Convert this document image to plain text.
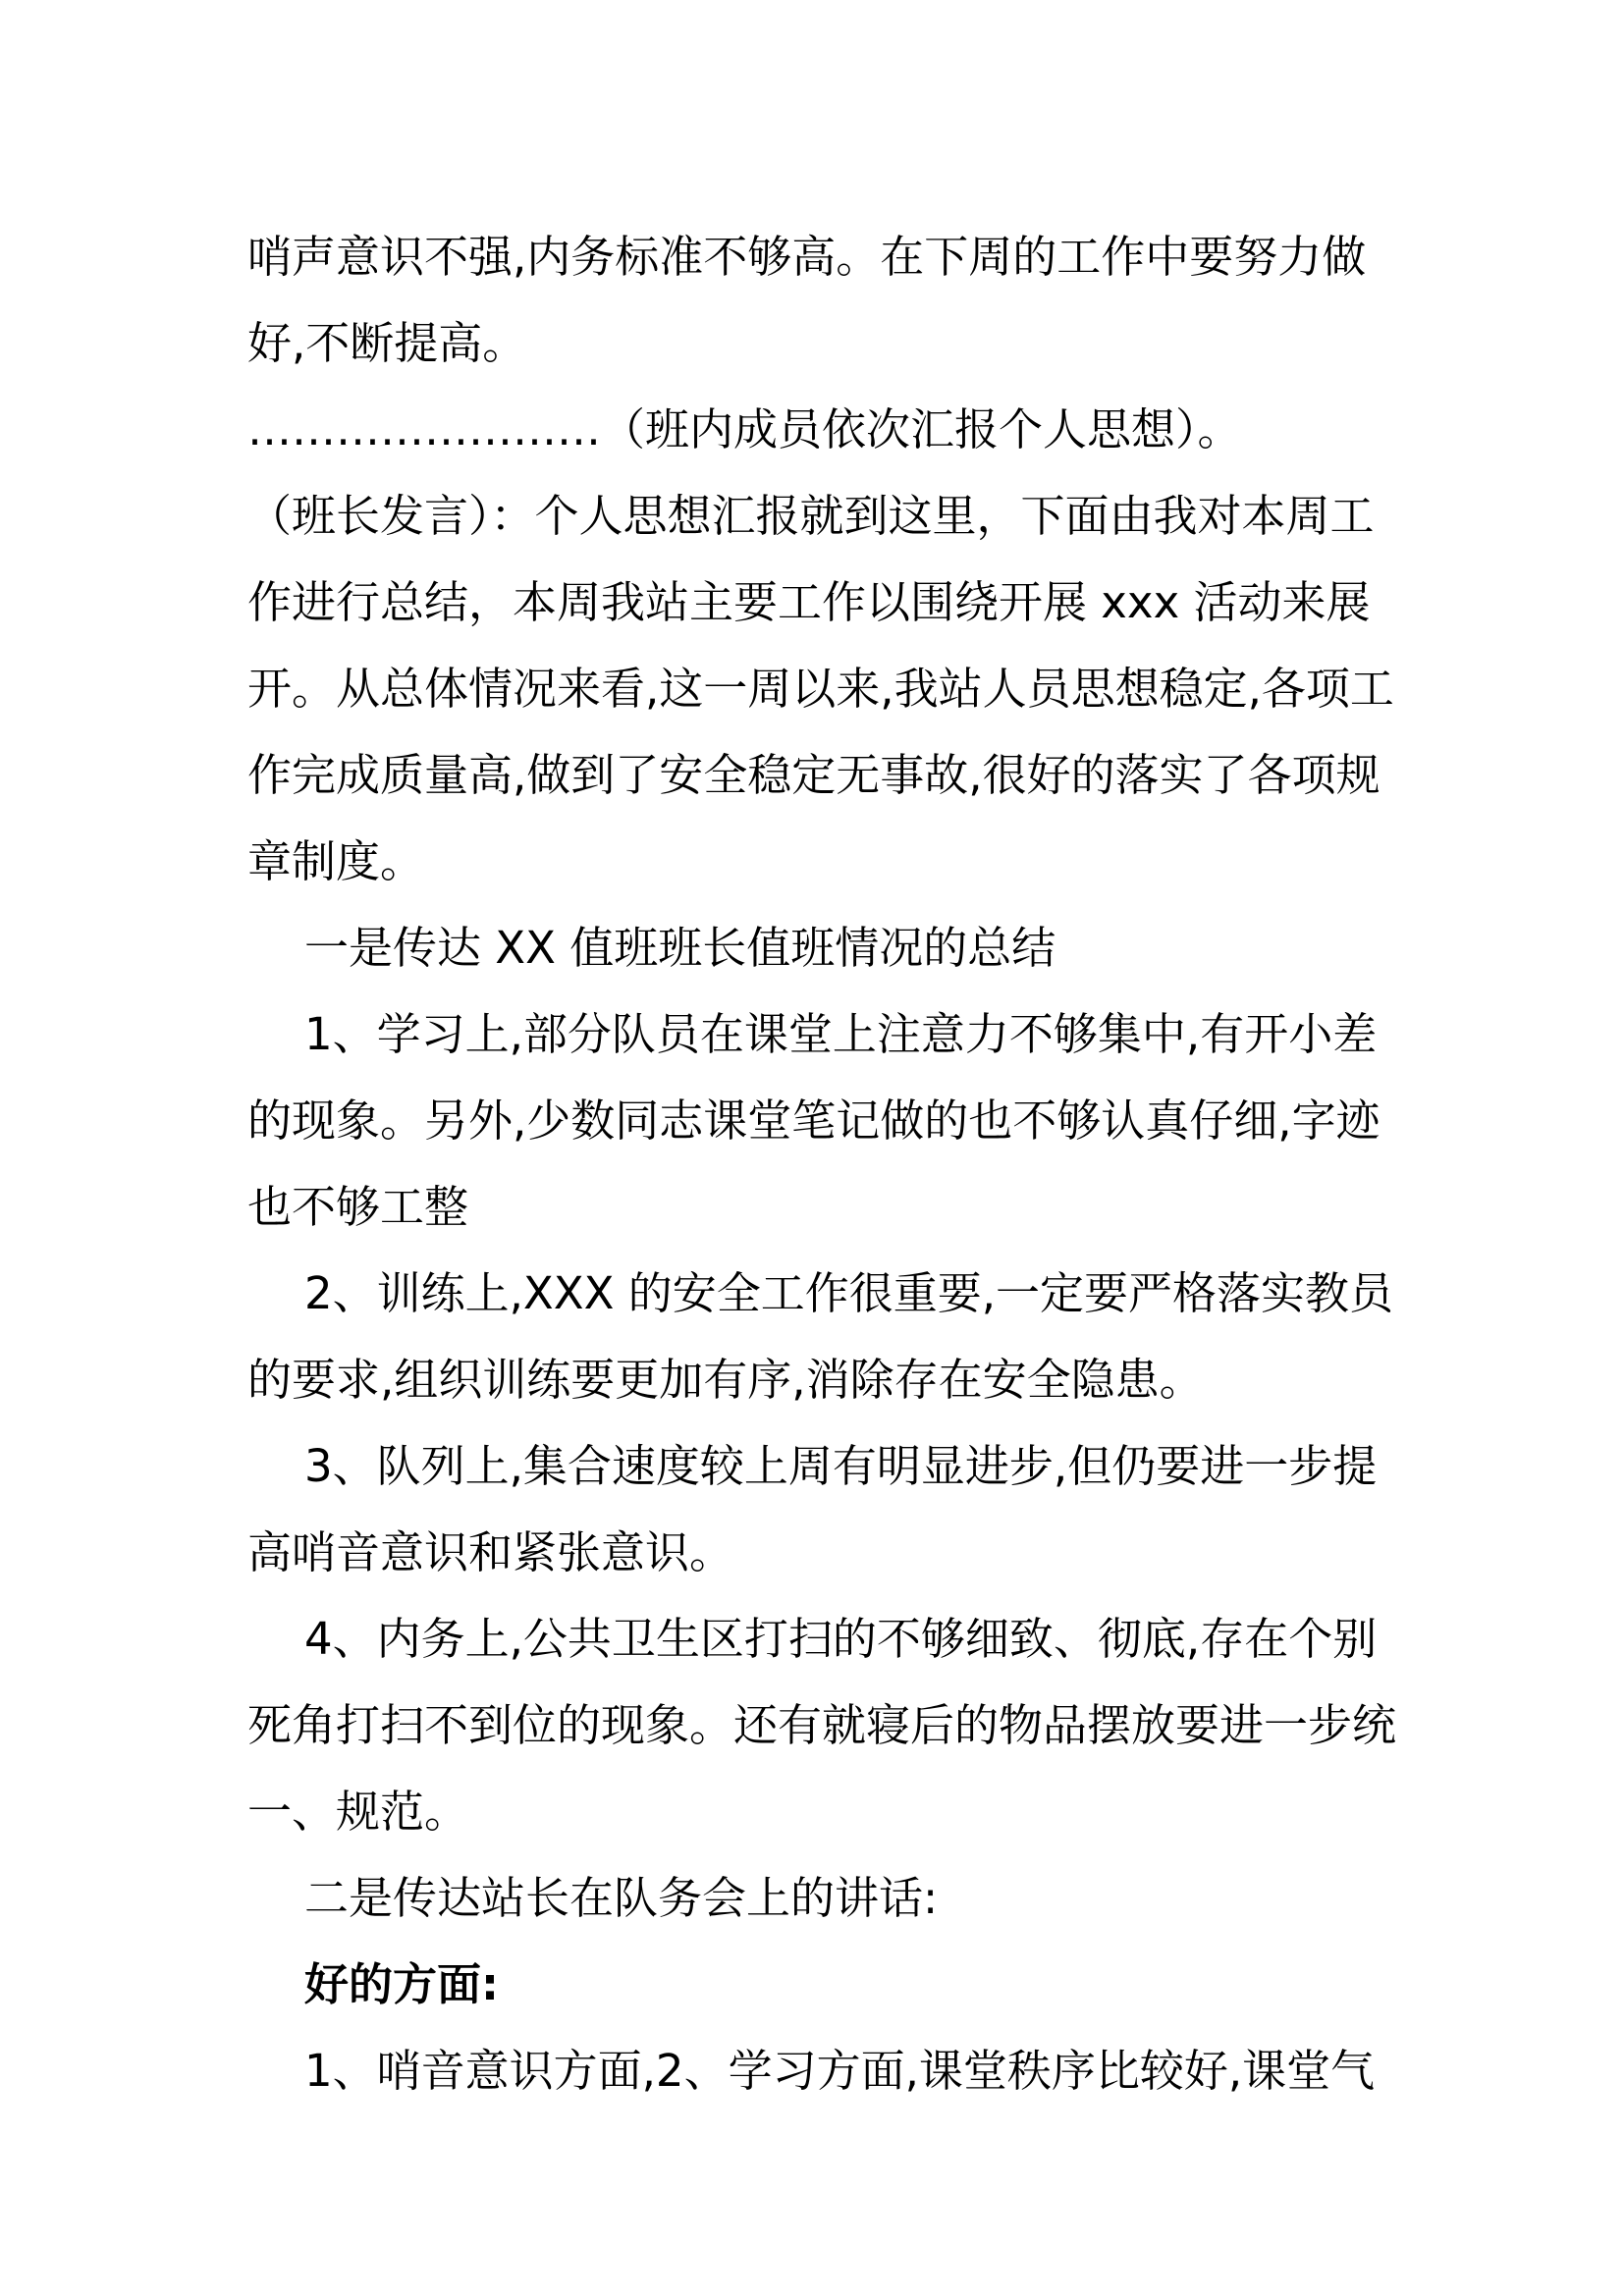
哨声意识不强,内务标准不够高。在下周的工作中要努力做好,不断提高。

……………………（班内成员依次汇报个人思想）。

（班长发言）：个人思想汇报就到这里，下面由我对本周工作进行总结，本周我站主要工作以围绕开展 xxx 活动来展开。从总体情况来看,这一周以来,我站人员思想稳定,各项工作完成质量高,做到了安全稳定无事故,很好的落实了各项规章制度。

一是传达 XX 值班班长值班情况的总结

1、学习上,部分队员在课堂上注意力不够集中,有开小差的现象。另外,少数同志课堂笔记做的也不够认真仔细,字迹也不够工整

2、训练上,XXX 的安全工作很重要,一定要严格落实教员的要求,组织训练要更加有序,消除存在安全隐患。

3、队列上,集合速度较上周有明显进步,但仍要进一步提高哨音意识和紧张意识。

4、内务上,公共卫生区打扫的不够细致、彻底,存在个别死角打扫不到位的现象。还有就寝后的物品摆放要进一步统一、规范。

二是传达站长在队务会上的讲话:

好的方面:

1、哨音意识方面,2、学习方面,课堂秩序比较好,课堂气
